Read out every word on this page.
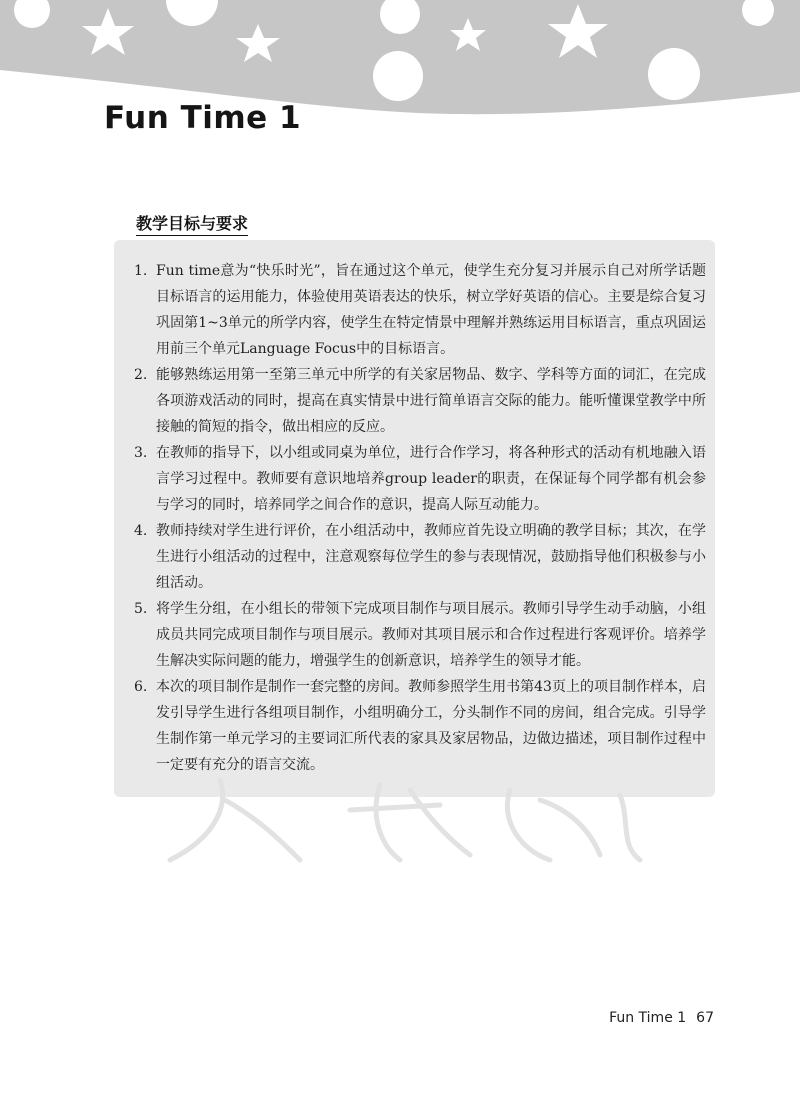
Fun Time 1
教学目标与要求
1. Fun time意为“快乐时光”，旨在通过这个单元，使学生充分复习并展示自己对所学话题目标语言的运用能力，体验使用英语表达的快乐，树立学好英语的信心。主要是综合复习巩固第1~3单元的所学内容，使学生在特定情景中理解并熟练运用目标语言，重点巩固运用前三个单元Language Focus中的目标语言。
2. 能够熟练运用第一至第三单元中所学的有关家居物品、数字、学科等方面的词汇，在完成各项游戏活动的同时，提高在真实情景中进行简单语言交际的能力。能听懂课堂教学中所接触的简短的指令，做出相应的反应。
3. 在教师的指导下，以小组或同桌为单位，进行合作学习，将各种形式的活动有机地融入语言学习过程中。教师要有意识地培养group leader的职责，在保证每个同学都有机会参与学习的同时，培养同学之间合作的意识，提高人际互动能力。
4. 教师持续对学生进行评价，在小组活动中，教师应首先设立明确的教学目标；其次，在学生进行小组活动的过程中，注意观察每位学生的参与表现情况，鼓励指导他们积极参与小组活动。
5. 将学生分组，在小组长的带领下完成项目制作与项目展示。教师引导学生动手动脑，小组成员共同完成项目制作与项目展示。教师对其项目展示和合作过程进行客观评价。培养学生解决实际问题的能力，增强学生的创新意识，培养学生的领导才能。
6. 本次的项目制作是制作一套完整的房间。教师参照学生用书第43页上的项目制作样本，启发引导学生进行各组项目制作，小组明确分工，分头制作不同的房间，组合完成。引导学生制作第一单元学习的主要词汇所代表的家具及家居物品，边做边描述，项目制作过程中一定要有充分的语言交流。
Fun Time 1 67
